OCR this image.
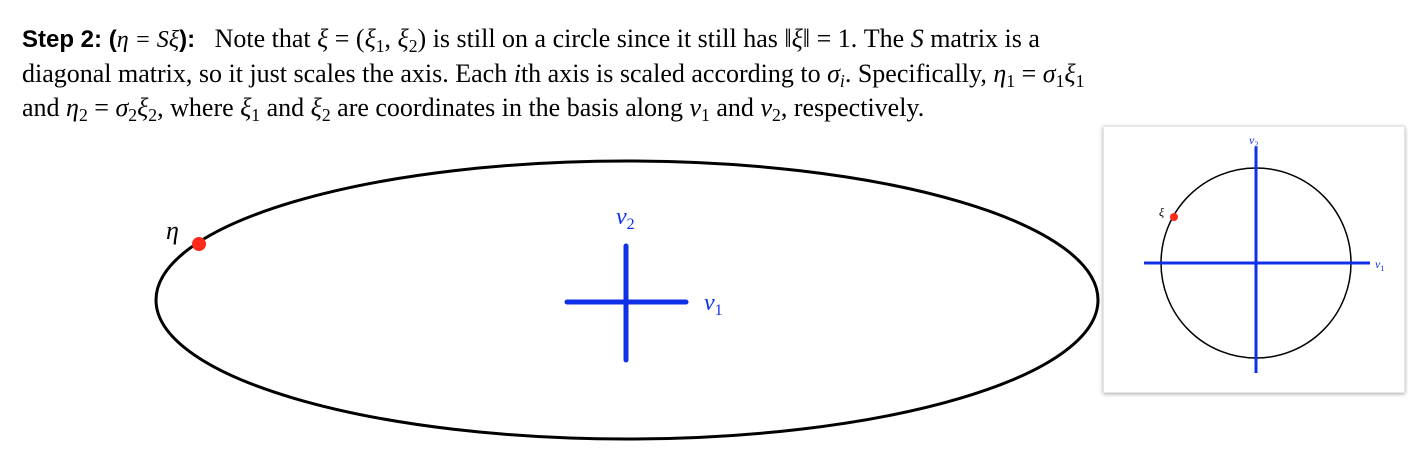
Step 2: (η = Sξ): Note that $\xi = (\xi_1$, $\xi_2$) is still on a circle since it still has ‖ξ‖ = 1. The S matrix is a
diagonal matrix, so it just scales the axis. Each ith axis is scaled according to $\sigma_i$. Specifically, $\eta_1 = \sigma_1\xi_1$
and $\eta_2 = \sigma_2\xi_2$, where $\xi_1$ and $\xi_2$ are coordinates in the basis along $v_1$ and $v_2$, respectively.
η	$v_2$
$v_1$
ξ
$v_2$
$v_1$
